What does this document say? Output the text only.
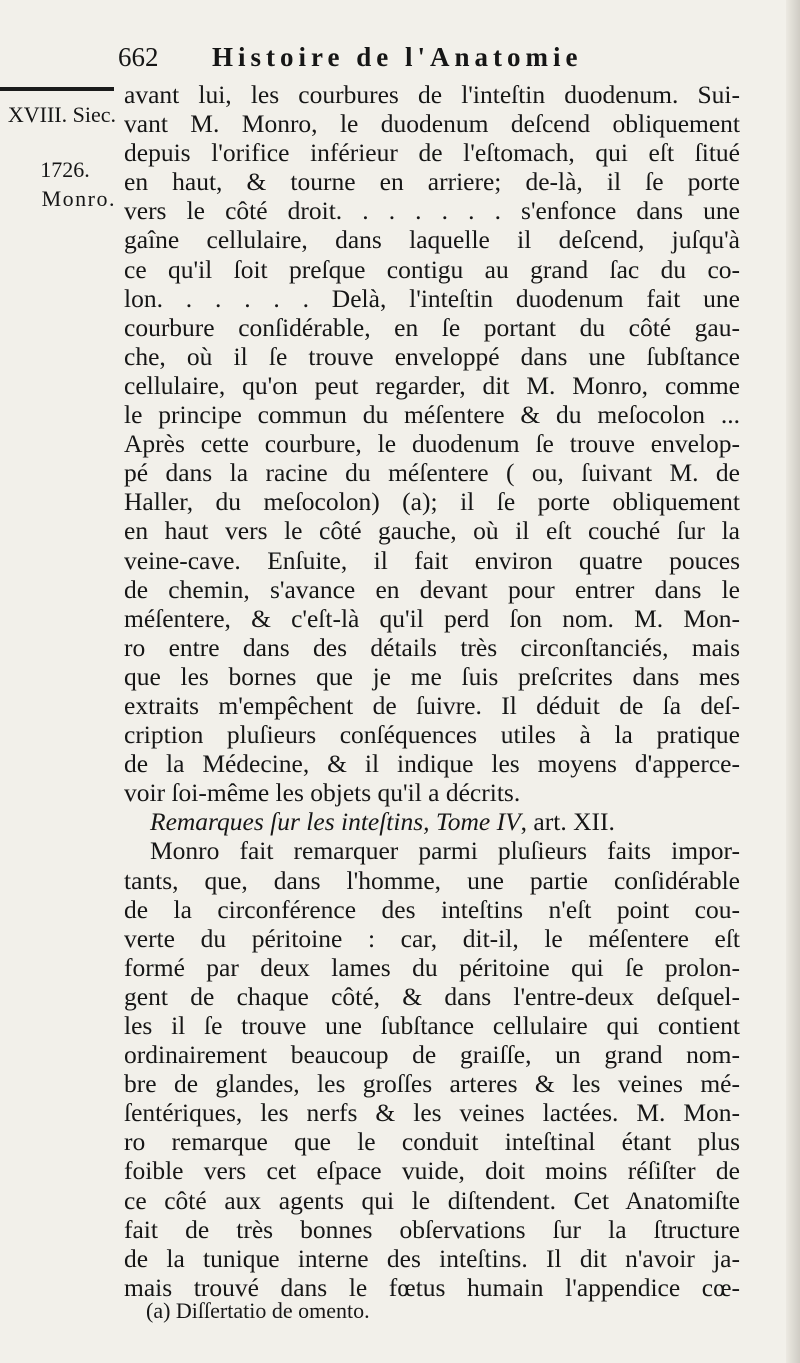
662 Histoire de l'Anatomie
XVIII. Siec.
1726.
Monro.
avant lui, les courbures de l'inteſtin duodenum. Sui-
vant M. Monro, le duodenum deſcend obliquement
depuis l'orifice inférieur de l'eſtomach, qui eſt ſitué
en haut, & tourne en arriere; de-là, il ſe porte
vers le côté droit. . . . . . . s'enfonce dans une
gaîne cellulaire, dans laquelle il deſcend, juſqu'à
ce qu'il ſoit preſque contigu au grand ſac du co-
lon. . . . . . Delà, l'inteſtin duodenum fait une
courbure conſidérable, en ſe portant du côté gau-
che, où il ſe trouve enveloppé dans une ſubſtance
cellulaire, qu'on peut regarder, dit M. Monro, comme
le principe commun du méſentere & du meſocolon ...
Après cette courbure, le duodenum ſe trouve envelop-
pé dans la racine du méſentere ( ou, ſuivant M. de
Haller, du meſocolon) (a); il ſe porte obliquement
en haut vers le côté gauche, où il eſt couché ſur la
veine-cave. Enſuite, il fait environ quatre pouces
de chemin, s'avance en devant pour entrer dans le
méſentere, & c'eſt-là qu'il perd ſon nom. M. Mon-
ro entre dans des détails très circonſtanciés, mais
que les bornes que je me ſuis preſcrites dans mes
extraits m'empêchent de ſuivre. Il déduit de ſa deſ-
cription pluſieurs conſéquences utiles à la pratique
de la Médecine, & il indique les moyens d'apperce-
voir ſoi-même les objets qu'il a décrits.
Remarques ſur les inteſtins, Tome IV, art. XII.
Monro fait remarquer parmi pluſieurs faits impor-
tants, que, dans l'homme, une partie conſidérable
de la circonférence des inteſtins n'eſt point cou-
verte du péritoine : car, dit-il, le méſentere eſt
formé par deux lames du péritoine qui ſe prolon-
gent de chaque côté, & dans l'entre-deux deſquel-
les il ſe trouve une ſubſtance cellulaire qui contient
ordinairement beaucoup de graiſſe, un grand nom-
bre de glandes, les groſſes arteres & les veines mé-
ſentériques, les nerfs & les veines lactées. M. Mon-
ro remarque que le conduit inteſtinal étant plus
foible vers cet eſpace vuide, doit moins réſiſter de
ce côté aux agents qui le diſtendent. Cet Anatomiſte
fait de très bonnes obſervations ſur la ſtructure
de la tunique interne des inteſtins. Il dit n'avoir ja-
mais trouvé dans le fœtus humain l'appendice cœ-
(a) Diſſertatio de omento.
